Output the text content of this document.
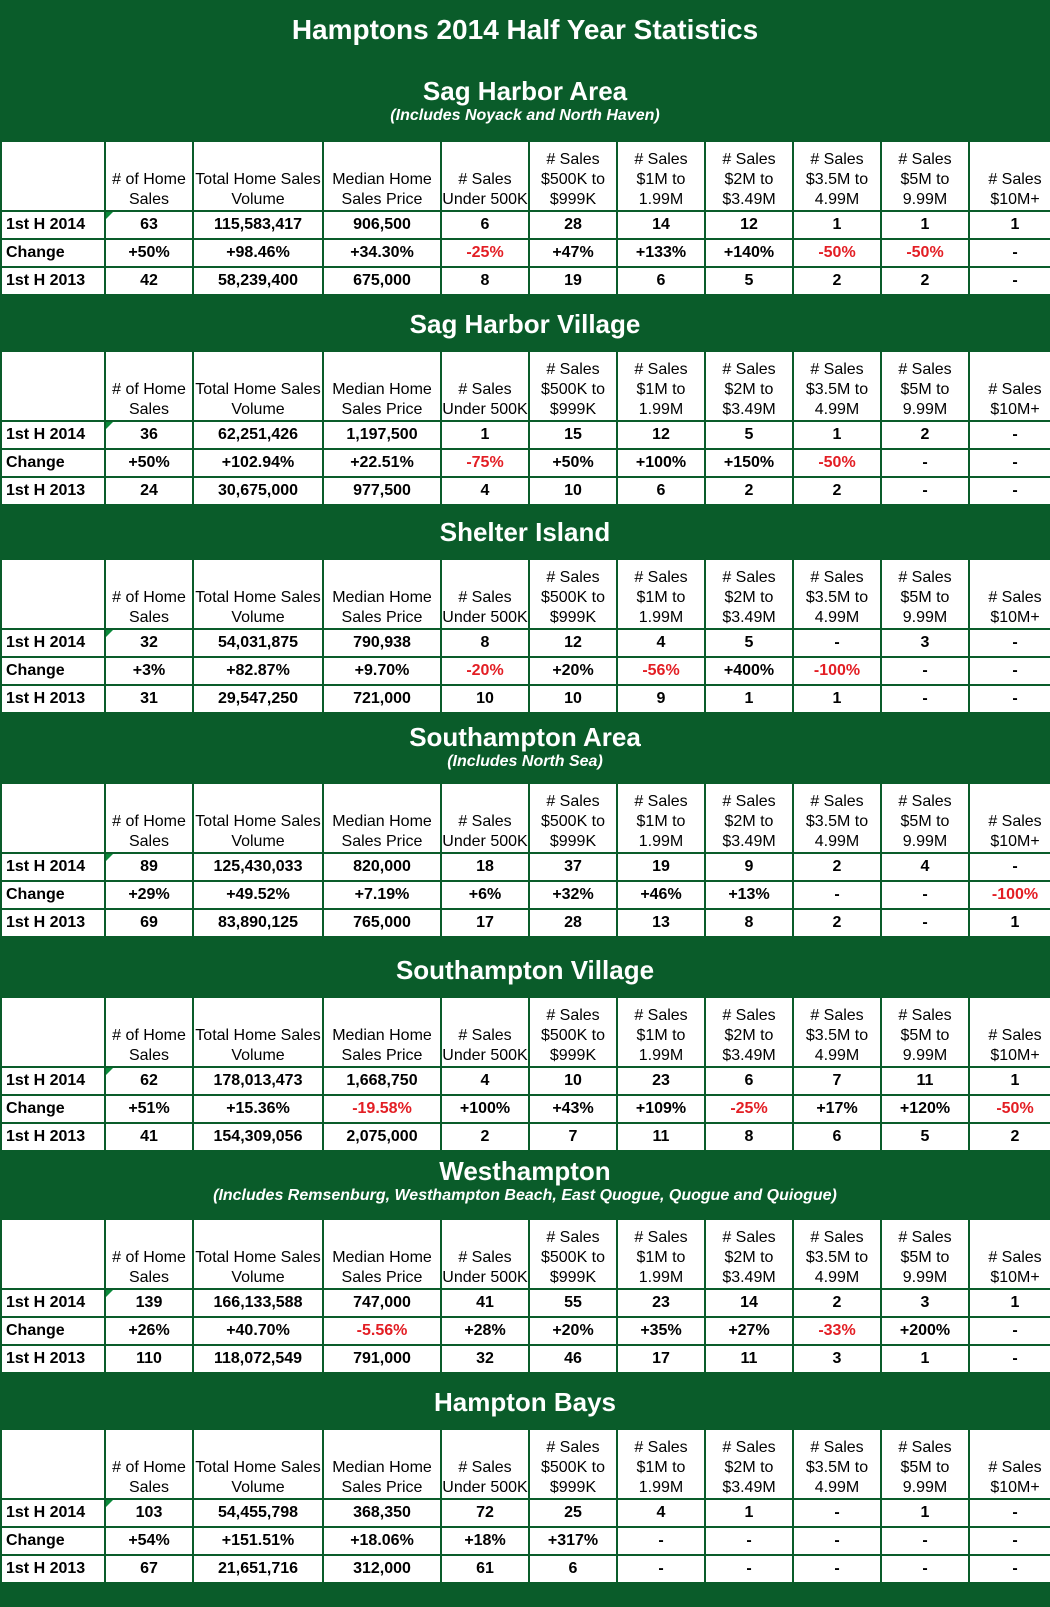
Hamptons 2014 Half Year Statistics
Sag Harbor Area
(Includes Noyack and North Haven)
	# of Home Sales	Total Home Sales Volume	Median Home Sales Price	# Sales Under 500K	# Sales $500K to $999K	# Sales $1M to 1.99M	# Sales $2M to $3.49M	# Sales $3.5M to 4.99M	# Sales $5M to 9.99M	# Sales $10M+
1st H 2014	63	115,583,417	906,500	6	28	14	12	1	1	1
Change	+50%	+98.46%	+34.30%	-25%	+47%	+133%	+140%	-50%	-50%	-
1st H 2013	42	58,239,400	675,000	8	19	6	5	2	2	-
Sag Harbor Village
	# of Home Sales	Total Home Sales Volume	Median Home Sales Price	# Sales Under 500K	# Sales $500K to $999K	# Sales $1M to 1.99M	# Sales $2M to $3.49M	# Sales $3.5M to 4.99M	# Sales $5M to 9.99M	# Sales $10M+
1st H 2014	36	62,251,426	1,197,500	1	15	12	5	1	2	-
Change	+50%	+102.94%	+22.51%	-75%	+50%	+100%	+150%	-50%	-	-
1st H 2013	24	30,675,000	977,500	4	10	6	2	2	-	-
Shelter Island
	# of Home Sales	Total Home Sales Volume	Median Home Sales Price	# Sales Under 500K	# Sales $500K to $999K	# Sales $1M to 1.99M	# Sales $2M to $3.49M	# Sales $3.5M to 4.99M	# Sales $5M to 9.99M	# Sales $10M+
1st H 2014	32	54,031,875	790,938	8	12	4	5	-	3	-
Change	+3%	+82.87%	+9.70%	-20%	+20%	-56%	+400%	-100%	-	-
1st H 2013	31	29,547,250	721,000	10	10	9	1	1	-	-
Southampton Area
(Includes North Sea)
	# of Home Sales	Total Home Sales Volume	Median Home Sales Price	# Sales Under 500K	# Sales $500K to $999K	# Sales $1M to 1.99M	# Sales $2M to $3.49M	# Sales $3.5M to 4.99M	# Sales $5M to 9.99M	# Sales $10M+
1st H 2014	89	125,430,033	820,000	18	37	19	9	2	4	-
Change	+29%	+49.52%	+7.19%	+6%	+32%	+46%	+13%	-	-	-100%
1st H 2013	69	83,890,125	765,000	17	28	13	8	2	-	1
Southampton Village
	# of Home Sales	Total Home Sales Volume	Median Home Sales Price	# Sales Under 500K	# Sales $500K to $999K	# Sales $1M to 1.99M	# Sales $2M to $3.49M	# Sales $3.5M to 4.99M	# Sales $5M to 9.99M	# Sales $10M+
1st H 2014	62	178,013,473	1,668,750	4	10	23	6	7	11	1
Change	+51%	+15.36%	-19.58%	+100%	+43%	+109%	-25%	+17%	+120%	-50%
1st H 2013	41	154,309,056	2,075,000	2	7	11	8	6	5	2
Westhampton
(Includes Remsenburg, Westhampton Beach, East Quogue, Quogue and Quiogue)
	# of Home Sales	Total Home Sales Volume	Median Home Sales Price	# Sales Under 500K	# Sales $500K to $999K	# Sales $1M to 1.99M	# Sales $2M to $3.49M	# Sales $3.5M to 4.99M	# Sales $5M to 9.99M	# Sales $10M+
1st H 2014	139	166,133,588	747,000	41	55	23	14	2	3	1
Change	+26%	+40.70%	-5.56%	+28%	+20%	+35%	+27%	-33%	+200%	-
1st H 2013	110	118,072,549	791,000	32	46	17	11	3	1	-
Hampton Bays
	# of Home Sales	Total Home Sales Volume	Median Home Sales Price	# Sales Under 500K	# Sales $500K to $999K	# Sales $1M to 1.99M	# Sales $2M to $3.49M	# Sales $3.5M to 4.99M	# Sales $5M to 9.99M	# Sales $10M+
1st H 2014	103	54,455,798	368,350	72	25	4	1	-	1	-
Change	+54%	+151.51%	+18.06%	+18%	+317%	-	-	-	-	-
1st H 2013	67	21,651,716	312,000	61	6	-	-	-	-	-
